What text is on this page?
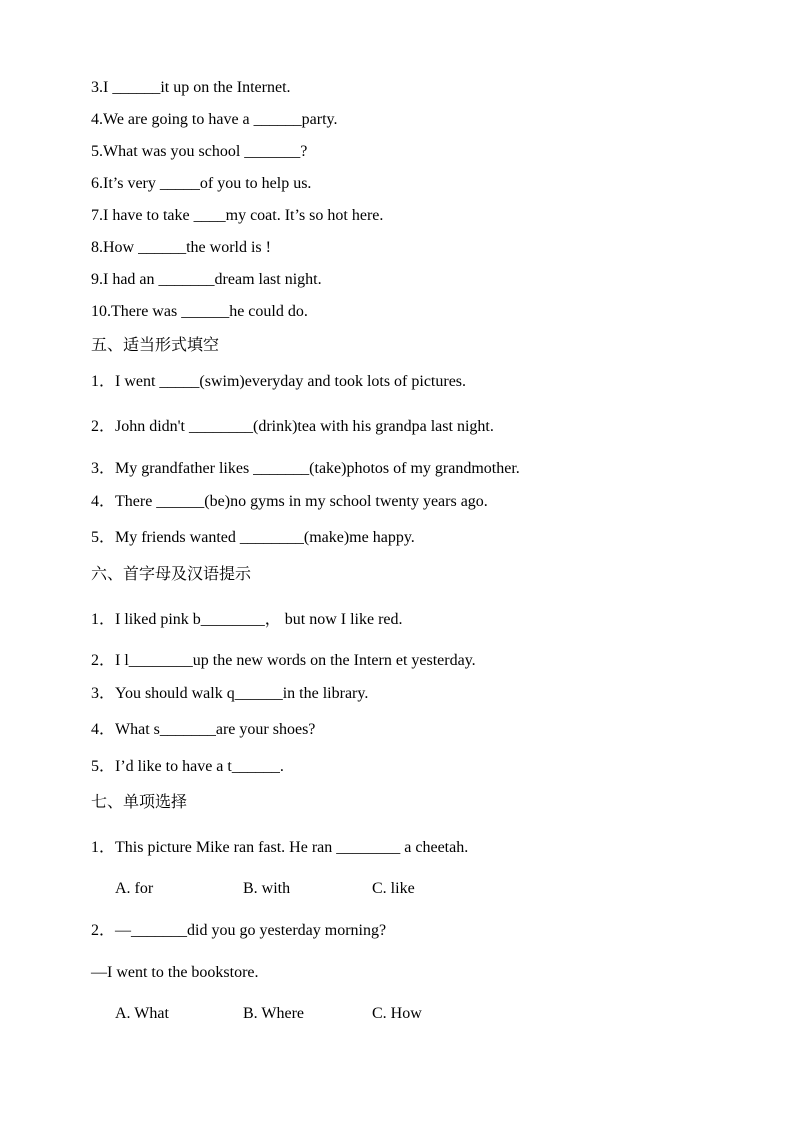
3.I ______it up on the Internet.
4.We are going to have a ______party.
5.What was you school _______?
6.It’s very _____of you to help us.
7.I have to take ____my coat. It’s so hot here.
8.How ______the world is !
9.I had an _______dream last night.
10.There was ______he could do.
五、适当形式填空
1．I went _____(swim)everyday and took lots of pictures.
2．John didn't ________(drink)tea with his grandpa last night.
3．My grandfather likes _______(take)photos of my grandmother.
4．There ______(be)no gyms in my school twenty years ago.
5．My friends wanted ________(make)me happy.
六、首字母及汉语提示
1．I liked pink b________， but now I like red.
2．I l________up the new words on the Intern et yesterday.
3．You should walk q______in the library.
4．What s_______are your shoes?
5．I’d like to have a t______.
七、单项选择
1．This picture Mike ran fast. He ran ________ a cheetah.
A. for	B. with	C. like
2．—_______did you go yesterday morning?
—I went to the bookstore.
A. What	B. Where	C. How
